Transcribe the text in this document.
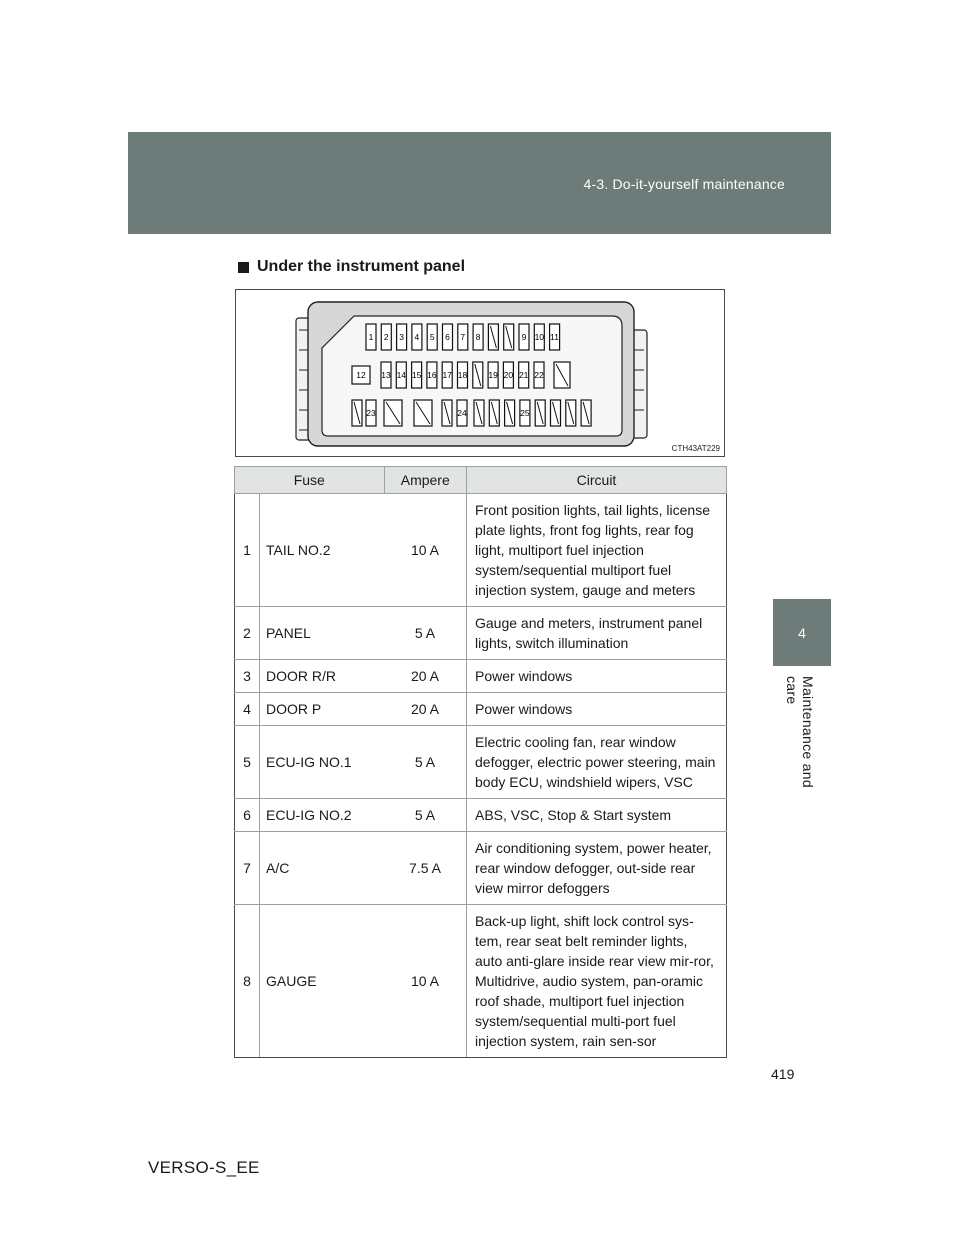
4-3. Do-it-yourself maintenance
4
Maintenance and care
Under the instrument panel
1 2 3 4 5 6 7 8	9 10 11
12 13 14 15 16 17 18 19 20 21 22
23	24	25
CTH43AT229
Fuse		Ampere	Circuit
1	TAIL NO.2	10 A	Front position lights, tail lights, license plate lights, front fog lights, rear fog light, multiport fuel injection system/sequential multiport fuel injection system, gauge and meters
2	PANEL	5 A	Gauge and meters, instrument panel lights, switch illumination
3	DOOR R/R	20 A	Power windows
4	DOOR P	20 A	Power windows
5	ECU-IG NO.1	5 A	Electric cooling fan, rear window defogger, electric power steering, main body ECU, windshield wipers, VSC
6	ECU-IG NO.2	5 A	ABS, VSC, Stop & Start system
7	A/C	7.5 A	Air conditioning system, power heater, rear window defogger, out-side rear view mirror defoggers
8	GAUGE	10 A	Back-up light, shift lock control sys-tem, rear seat belt reminder lights, auto anti-glare inside rear view mir-ror, Multidrive, audio system, pan-oramic roof shade, multiport fuel injection system/sequential multi-port fuel injection system, rain sen-sor
419
VERSO-S_EE
